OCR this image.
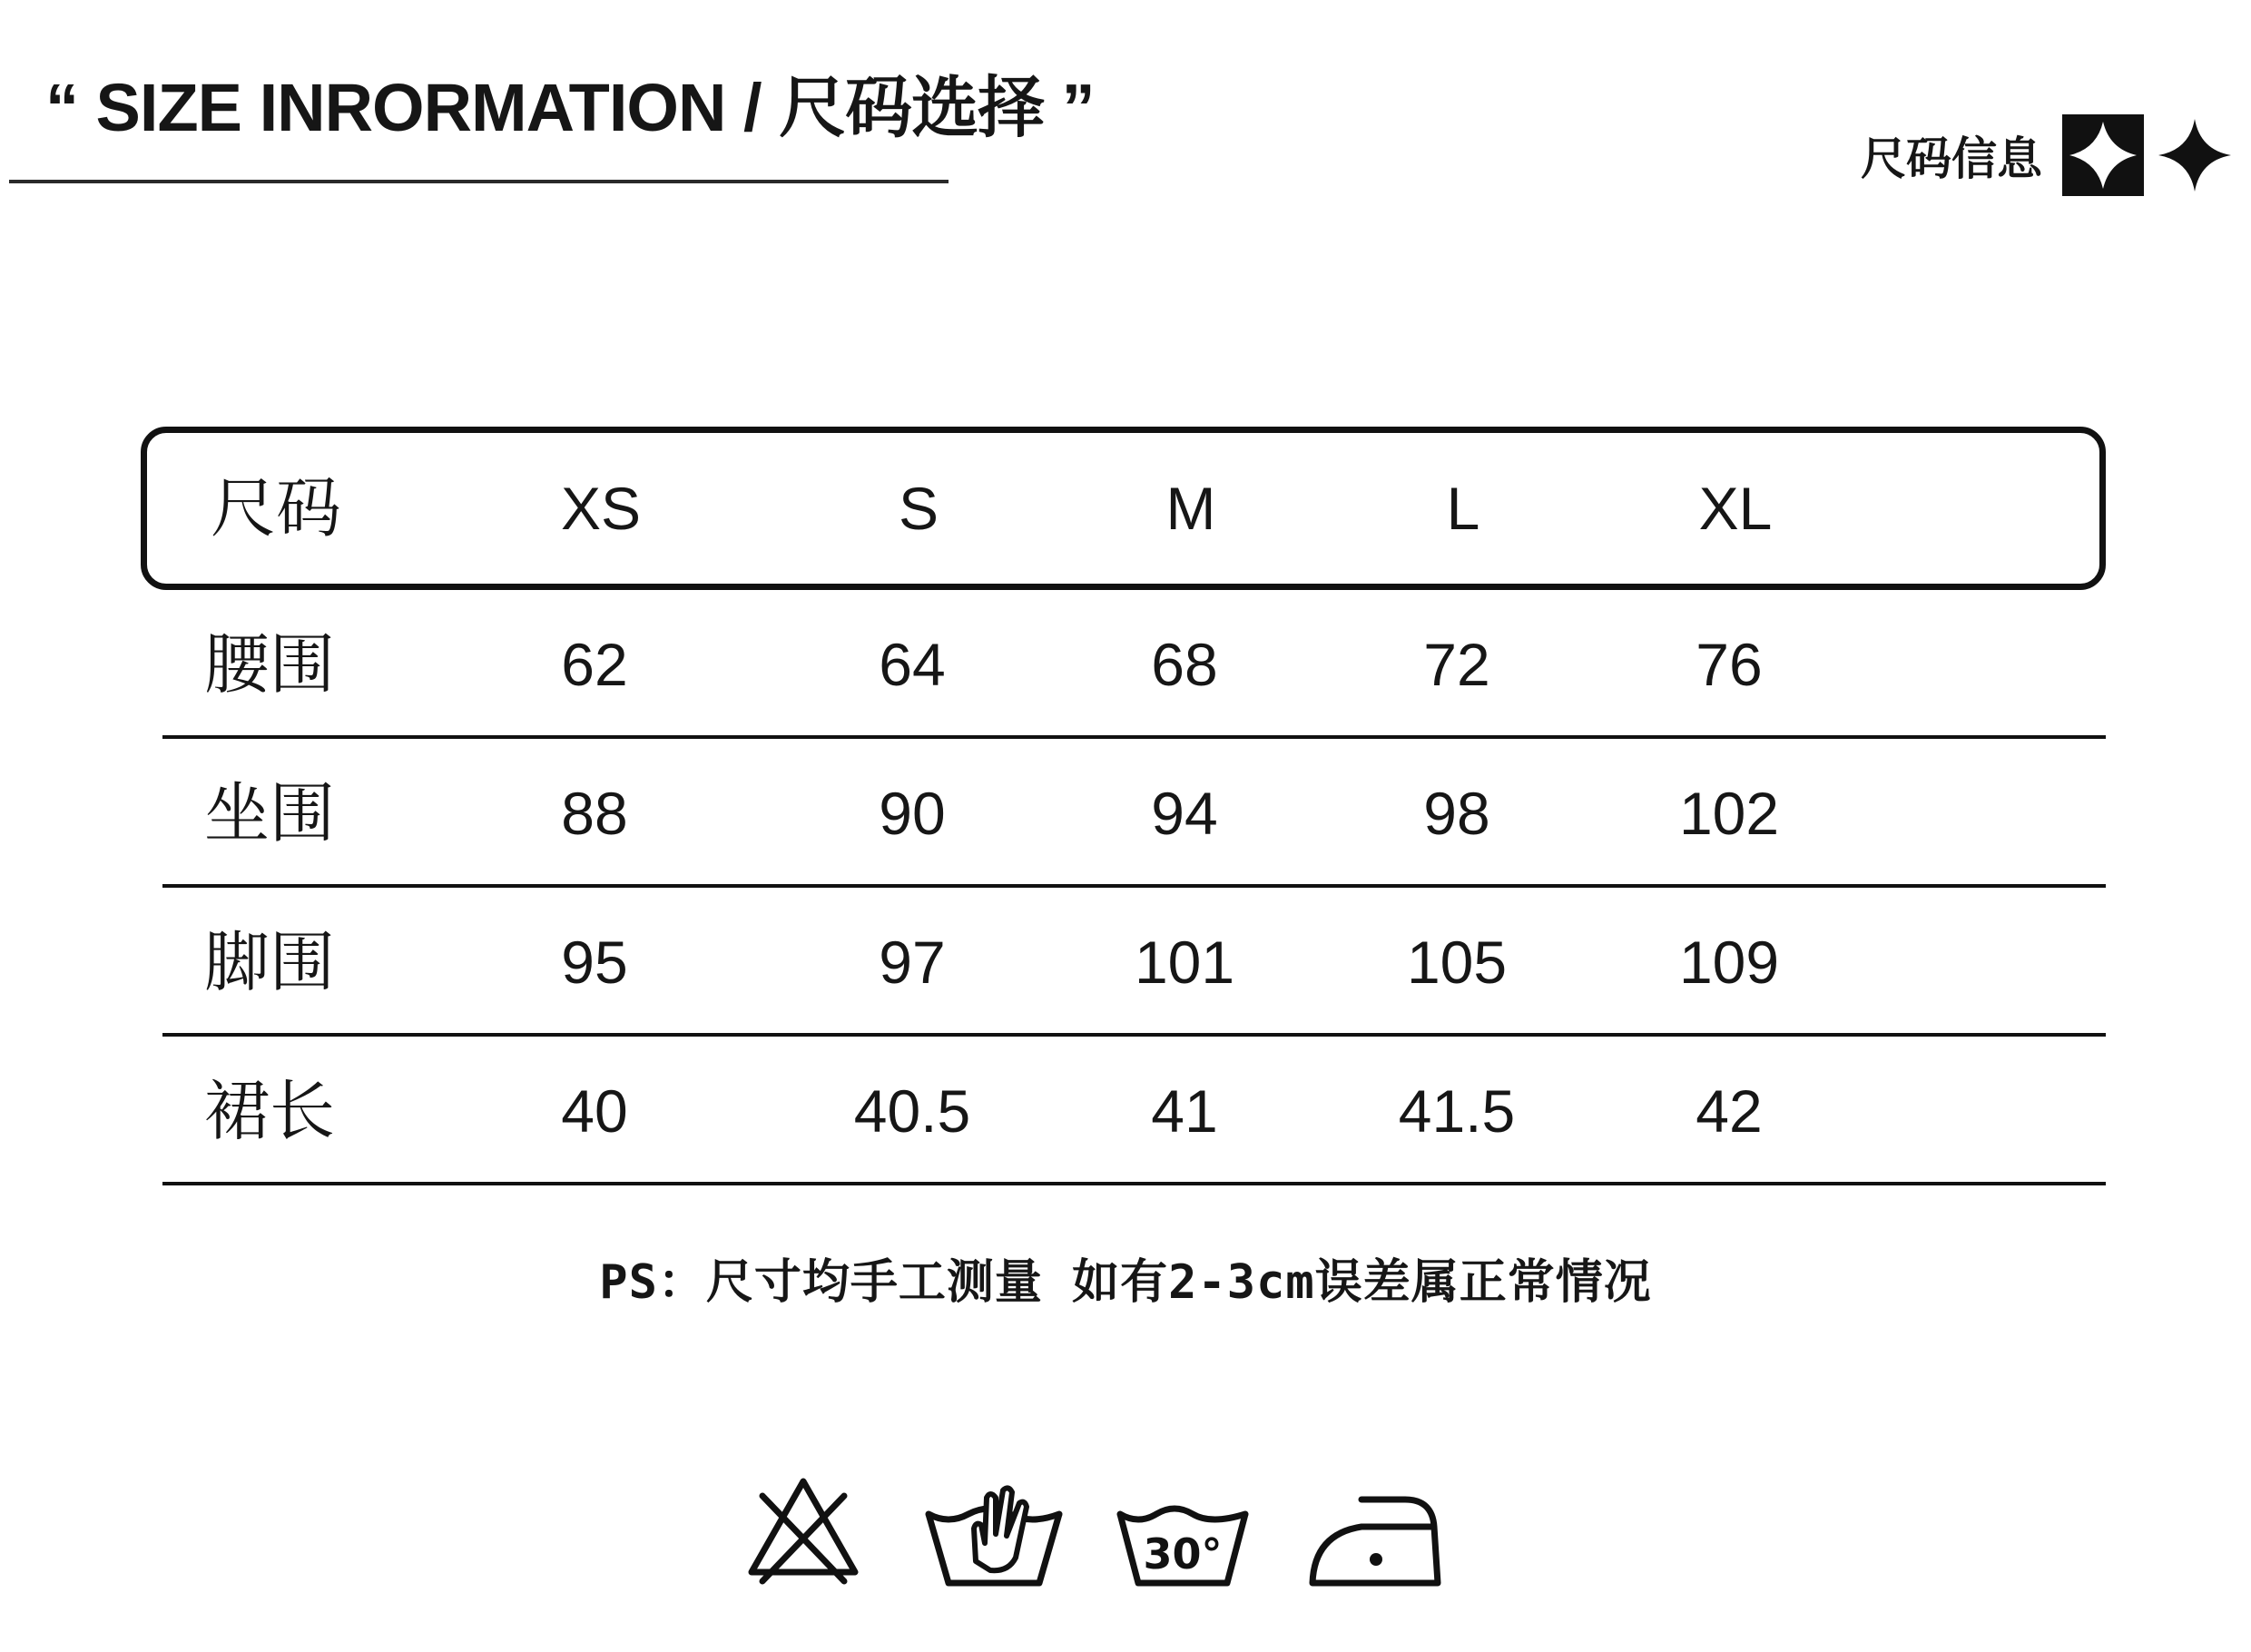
“ SIZE INRORMATION / 尺码选择 ”
尺码信息
尺码	XS	S	M	L	XL
腰围	62	64	68	72	76
坐围	88	90	94	98	102
脚围	95	97	101	105	109
裙长	40	40.5	41	41.5	42
PS：尺寸均手工测量 如有2-3cm误差属正常情况
30°
